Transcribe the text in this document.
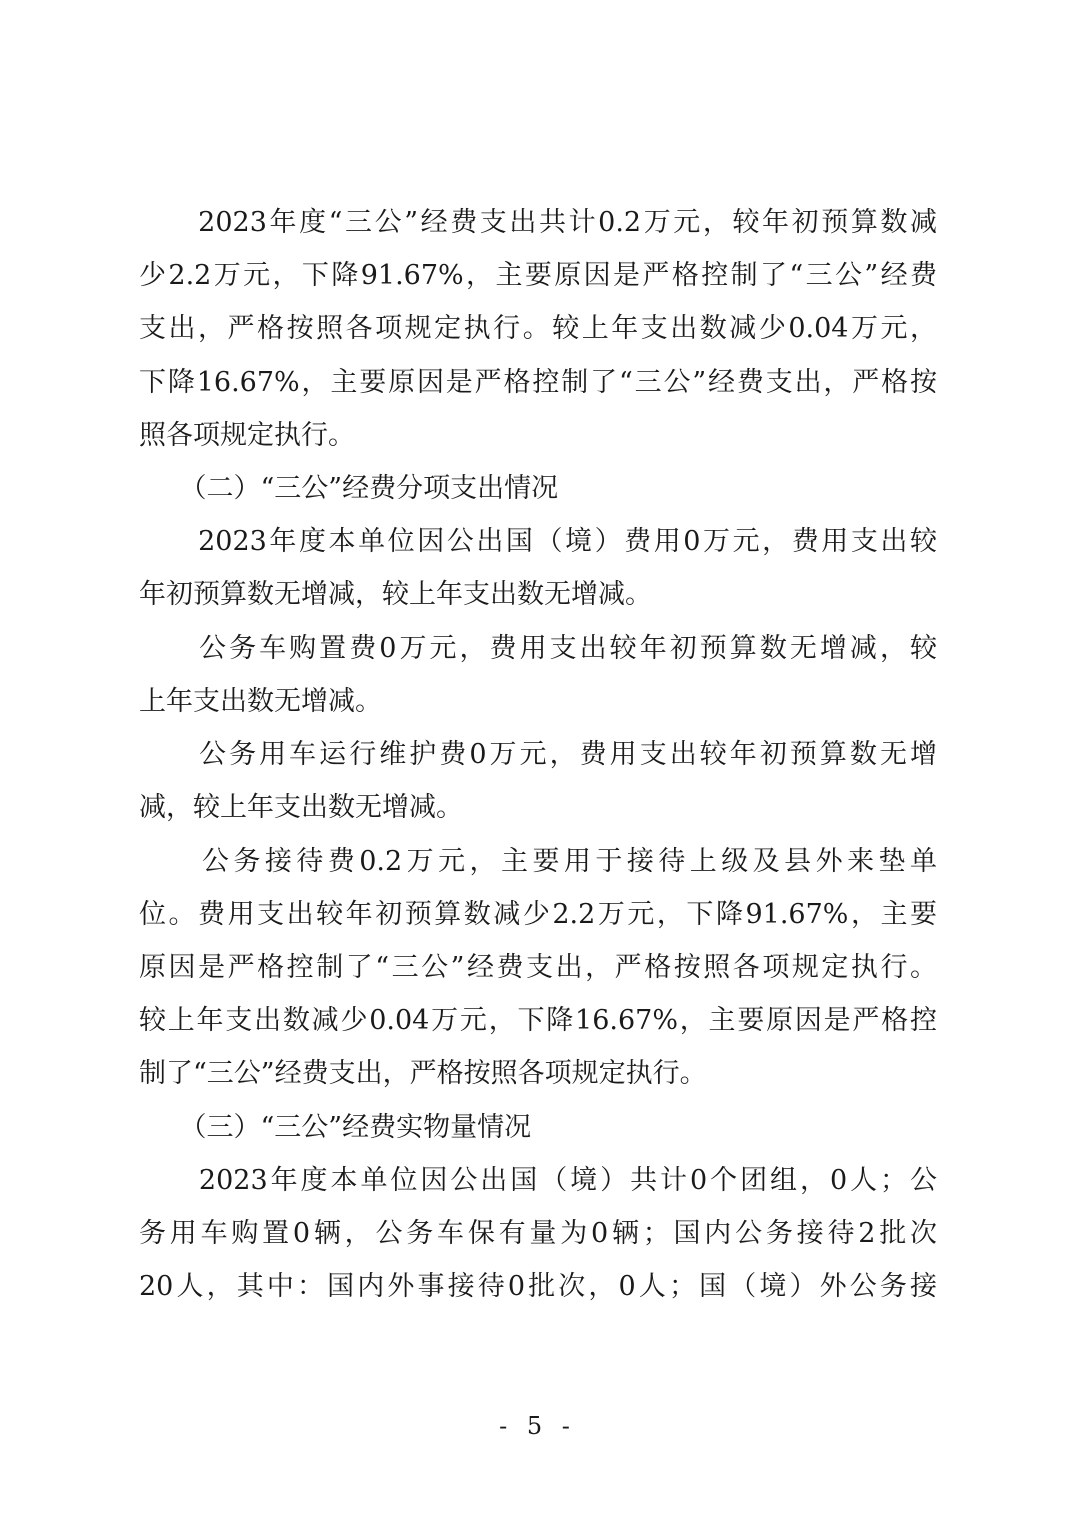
　　2023年度“三公”经费支出共计0.2万元，较年初预算数减
少2.2万元，下降91.67%，主要原因是严格控制了“三公”经费
支出，严格按照各项规定执行。较上年支出数减少0.04万元，
下降16.67%，主要原因是严格控制了“三公”经费支出，严格按
照各项规定执行。
　　（二）“三公”经费分项支出情况
　　2023年度本单位因公出国（境）费用0万元，费用支出较
年初预算数无增减，较上年支出数无增减。
　　公务车购置费0万元，费用支出较年初预算数无增减，较
上年支出数无增减。
　　公务用车运行维护费0万元，费用支出较年初预算数无增
减，较上年支出数无增减。
　　公务接待费0.2万元，主要用于接待上级及县外来垫单
位。费用支出较年初预算数减少2.2万元，下降91.67%，主要
原因是严格控制了“三公”经费支出，严格按照各项规定执行。
较上年支出数减少0.04万元，下降16.67%，主要原因是严格控
制了“三公”经费支出，严格按照各项规定执行。
　　（三）“三公”经费实物量情况
　　2023年度本单位因公出国（境）共计0个团组，0人；公
务用车购置0辆，公务车保有量为0辆；国内公务接待2批次
20人，其中：国内外事接待0批次，0人；国（境）外公务接
- 5 -
